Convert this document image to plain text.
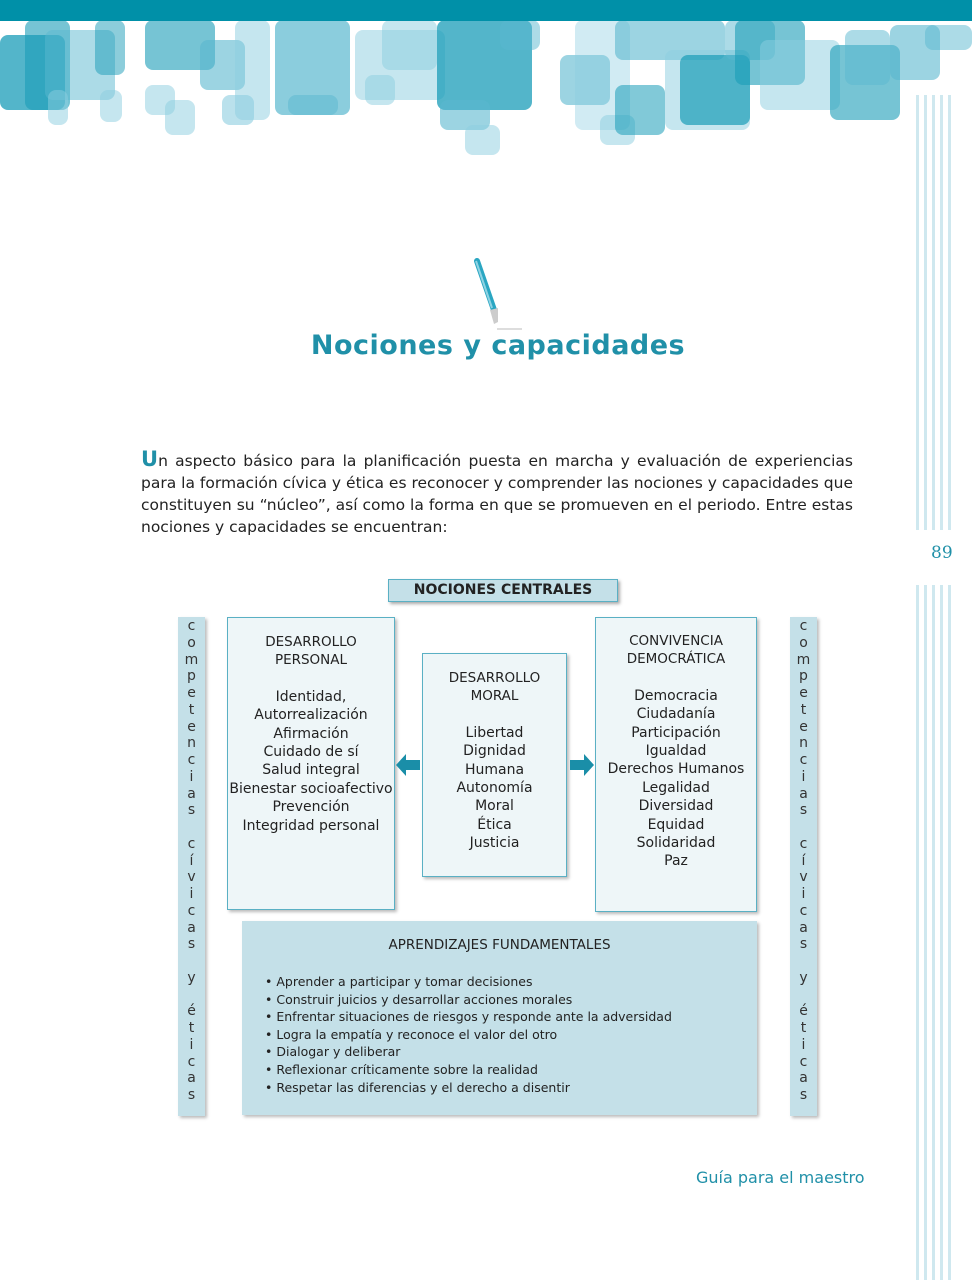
Nociones y capacidades

Un aspecto básico para la planificación puesta en marcha y evaluación de experiencias para la formación cívica y ética es reconocer y comprender las nociones y capacidades que constituyen su “núcleo”, así como la forma en que se promueven en el periodo. Entre estas nociones y capacidades se encuentran:

89
NOCIONES CENTRALES
c
o
m
p
e
t
e
n
c
i
a
s

c
í
v
i
c
a
s

y

é
t
i
c
a
s
c
o
m
p
e
t
e
n
c
i
a
s

c
í
v
i
c
a
s

y

é
t
i
c
a
s
DESARROLLO
PERSONAL
Identidad,
Autorrealización
Afirmación
Cuidado de sí
Salud integral
Bienestar socioafectivo
Prevención
Integridad personal
DESARROLLO
MORAL
Libertad
Dignidad
Humana
Autonomía
Moral
Ética
Justicia
CONVIVENCIA
DEMOCRÁTICA
Democracia
Ciudadanía
Participación
Igualdad
Derechos Humanos
Legalidad
Diversidad
Equidad
Solidaridad
Paz
APRENDIZAJES FUNDAMENTALES
• Aprender a participar y tomar decisiones
• Construir juicios y desarrollar acciones morales
• Enfrentar situaciones de riesgos y responde ante la adversidad
• Logra la empatía y reconoce el valor del otro
• Dialogar y deliberar
• Reflexionar críticamente sobre la realidad
• Respetar las diferencias y el derecho a disentir
Guía para el maestro
